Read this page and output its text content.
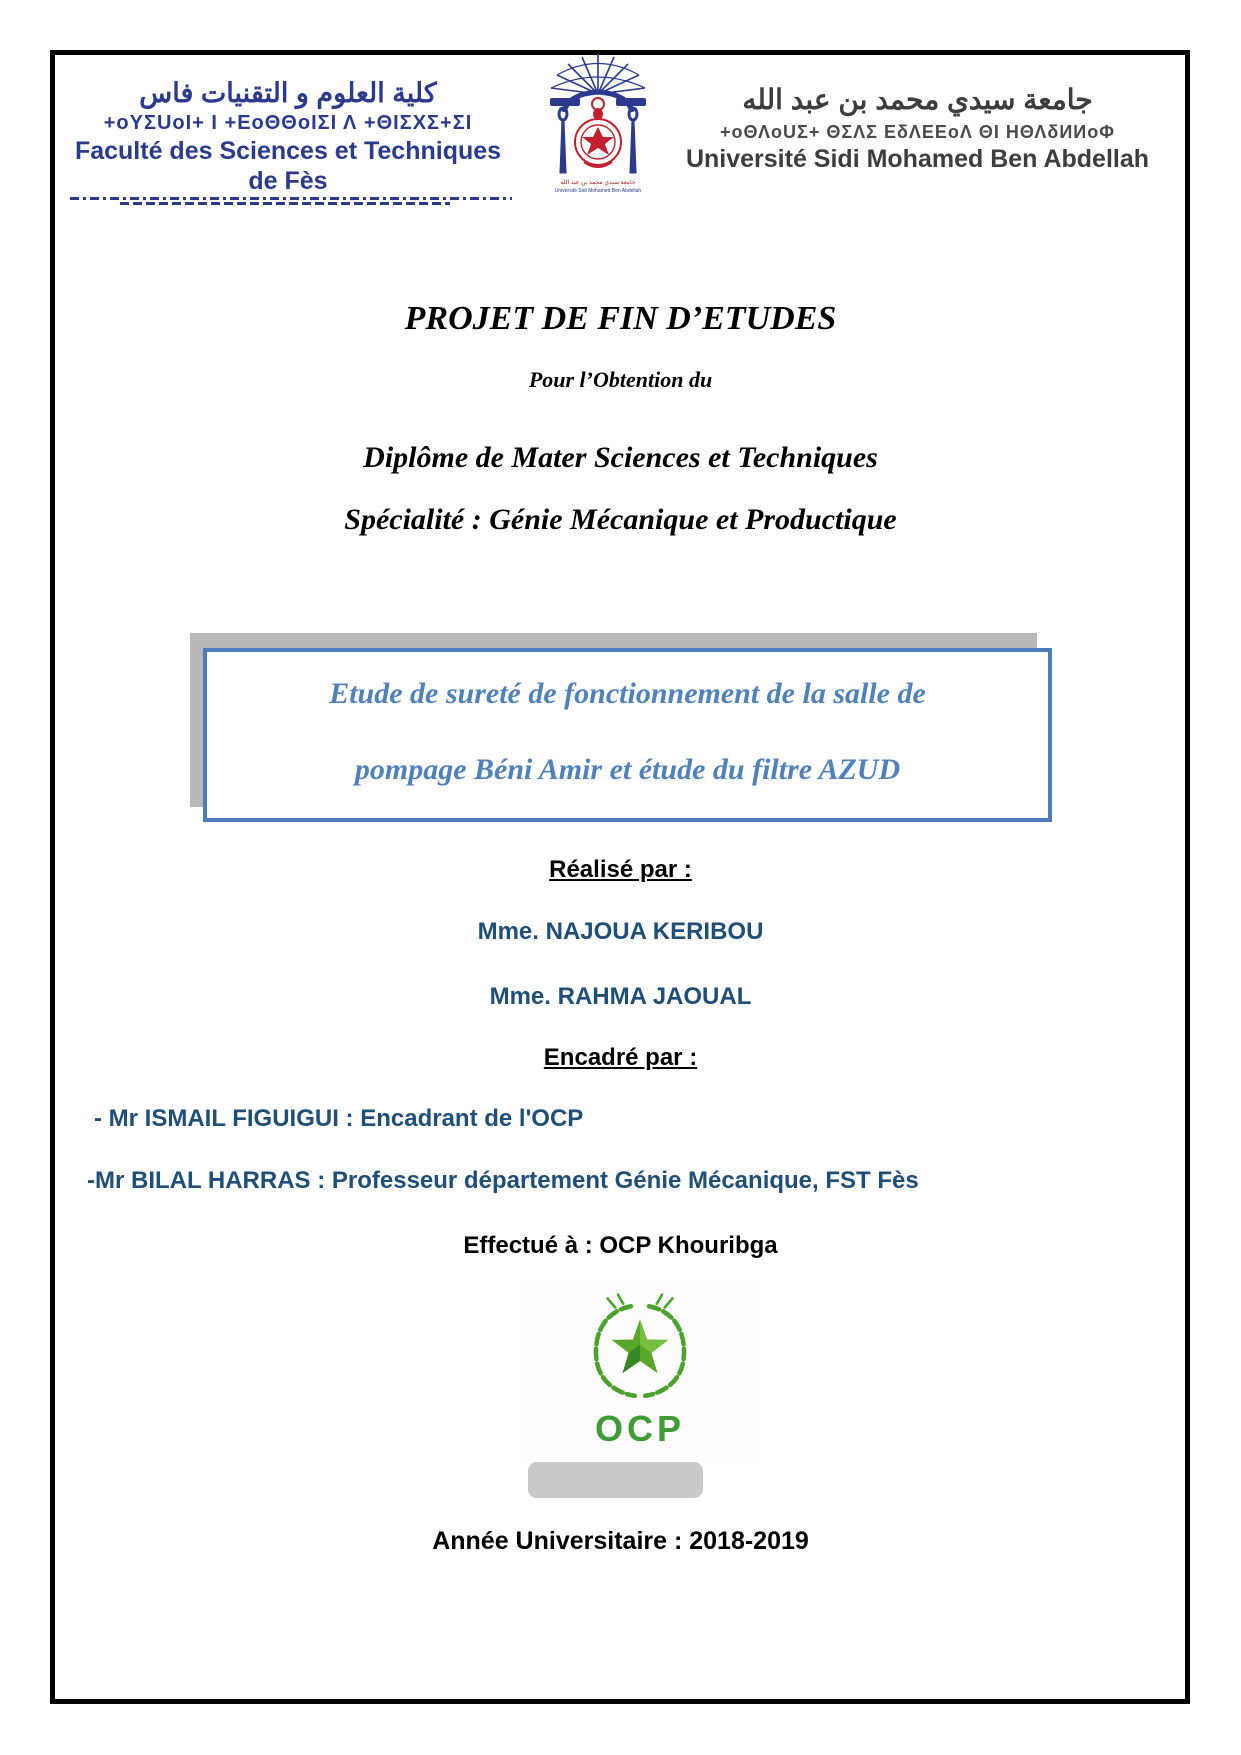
كلية العلوم و التقنيات فاس
+oYΣUoΙ+ Ι +ΕoΘΘoΙΣΙ Λ +ΘΙΣΧΣ+ΣΙ
Faculté des Sciences et Techniques de Fès	جامعة سيدي محمد بن عبد الله
Université Sidi Mohamed Ben Abdellah
جامعة سيدي محمد بن عبد الله
+oΘΛoUΣ+ ΘΣΛΣ ΕδΛΕΕoΛ ΘΙ ΗΘΛδИИoΦ
Université Sidi Mohamed Ben Abdellah
PROJET DE FIN D’ETUDES
Pour l’Obtention du
Diplôme de Mater Sciences et Techniques
Spécialité : Génie Mécanique et Productique
Etude de sureté de fonctionnement de la salle de
pompage Béni Amir et étude du filtre AZUD
Réalisé par :
Mme. NAJOUA KERIBOU
Mme. RAHMA JAOUAL
Encadré par :
- Mr ISMAIL FIGUIGUI : Encadrant de l'OCP
-Mr BILAL HARRAS : Professeur département Génie Mécanique, FST Fès
Effectué à : OCP Khouribga
OCP
Année Universitaire : 2018-2019
